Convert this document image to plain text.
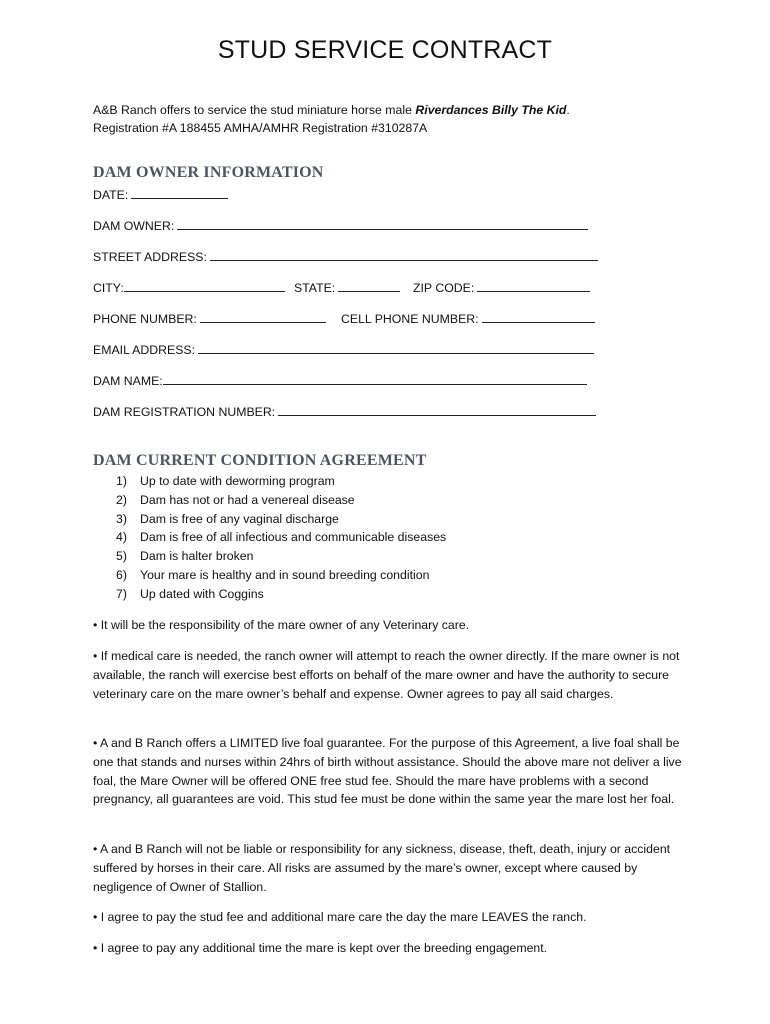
STUD SERVICE CONTRACT
A&B Ranch offers to service the stud miniature horse male Riverdances Billy The Kid.
Registration #A 188455 AMHA/AMHR Registration #310287A
DAM OWNER INFORMATION
DATE:
DAM OWNER:
STREET ADDRESS:
CITY:	STATE:	ZIP CODE:
PHONE NUMBER:	CELL PHONE NUMBER:
EMAIL ADDRESS:
DAM NAME:
DAM REGISTRATION NUMBER:
DAM CURRENT CONDITION AGREEMENT
1)	Up to date with deworming program
2)	Dam has not or had a venereal disease
3)	Dam is free of any vaginal discharge
4)	Dam is free of all infectious and communicable diseases
5)	Dam is halter broken
6)	Your mare is healthy and in sound breeding condition
7)	Up dated with Coggins
• It will be the responsibility of the mare owner of any Veterinary care.
• If medical care is needed, the ranch owner will attempt to reach the owner directly. If the mare owner is not available, the ranch will exercise best efforts on behalf of the mare owner and have the authority to secure veterinary care on the mare owner’s behalf and expense. Owner agrees to pay all said charges.
• A and B Ranch offers a LIMITED live foal guarantee. For the purpose of this Agreement, a live foal shall be one that stands and nurses within 24hrs of birth without assistance. Should the above mare not deliver a live foal, the Mare Owner will be offered ONE free stud fee. Should the mare have problems with a second pregnancy, all guarantees are void. This stud fee must be done within the same year the mare lost her foal.
• A and B Ranch will not be liable or responsibility for any sickness, disease, theft, death, injury or accident suffered by horses in their care. All risks are assumed by the mare’s owner, except where caused by negligence of Owner of Stallion.
• I agree to pay the stud fee and additional mare care the day the mare LEAVES the ranch.
• I agree to pay any additional time the mare is kept over the breeding engagement.
